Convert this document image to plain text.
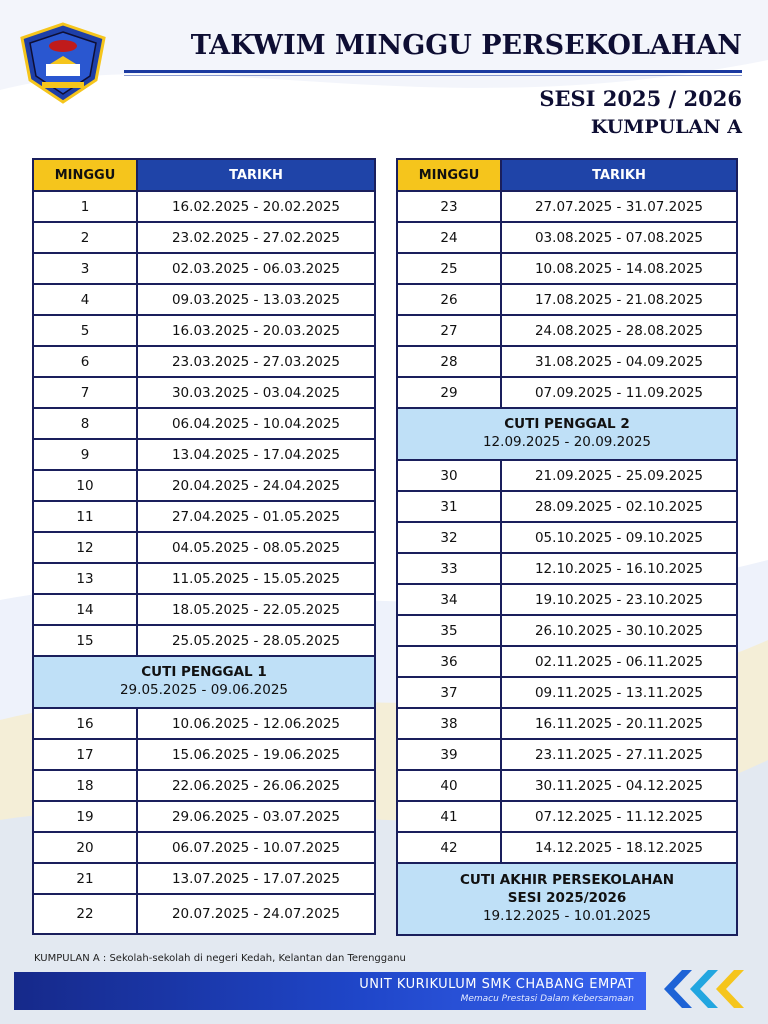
TAKWIM MINGGU PERSEKOLAHAN
SESI 2025 / 2026
KUMPULAN A
MINGGU	TARIKH
1	16.02.2025 - 20.02.2025
2	23.02.2025 - 27.02.2025
3	02.03.2025 - 06.03.2025
4	09.03.2025 - 13.03.2025
5	16.03.2025 - 20.03.2025
6	23.03.2025 - 27.03.2025
7	30.03.2025 - 03.04.2025
8	06.04.2025 - 10.04.2025
9	13.04.2025 - 17.04.2025
10	20.04.2025 - 24.04.2025
11	27.04.2025 - 01.05.2025
12	04.05.2025 - 08.05.2025
13	11.05.2025 - 15.05.2025
14	18.05.2025 - 22.05.2025
15	25.05.2025 - 28.05.2025

CUTI PENGGAL 1
29.05.2025 - 09.06.2025	

16	10.06.2025 - 12.06.2025
17	15.06.2025 - 19.06.2025
18	22.06.2025 - 26.06.2025
19	29.06.2025 - 03.07.2025
20	06.07.2025 - 10.07.2025
21	13.07.2025 - 17.07.2025
22	20.07.2025 - 24.07.2025
MINGGU	TARIKH
23	27.07.2025 - 31.07.2025
24	03.08.2025 - 07.08.2025
25	10.08.2025 - 14.08.2025
26	17.08.2025 - 21.08.2025
27	24.08.2025 - 28.08.2025
28	31.08.2025 - 04.09.2025
29	07.09.2025 - 11.09.2025

CUTI PENGGAL 2
12.09.2025 - 20.09.2025	

30	21.09.2025 - 25.09.2025
31	28.09.2025 - 02.10.2025
32	05.10.2025 - 09.10.2025
33	12.10.2025 - 16.10.2025
34	19.10.2025 - 23.10.2025
35	26.10.2025 - 30.10.2025
36	02.11.2025 - 06.11.2025
37	09.11.2025 - 13.11.2025
38	16.11.2025 - 20.11.2025
39	23.11.2025 - 27.11.2025
40	30.11.2025 - 04.12.2025
41	07.12.2025 - 11.12.2025
42	14.12.2025 - 18.12.2025

CUTI AKHIR PERSEKOLAHAN
SESI 2025/2026
19.12.2025 - 10.01.2025	
KUMPULAN A : Sekolah-sekolah di negeri Kedah, Kelantan dan Terengganu
UNIT KURIKULUM SMK CHABANG EMPAT
Memacu Prestasi Dalam Kebersamaan
